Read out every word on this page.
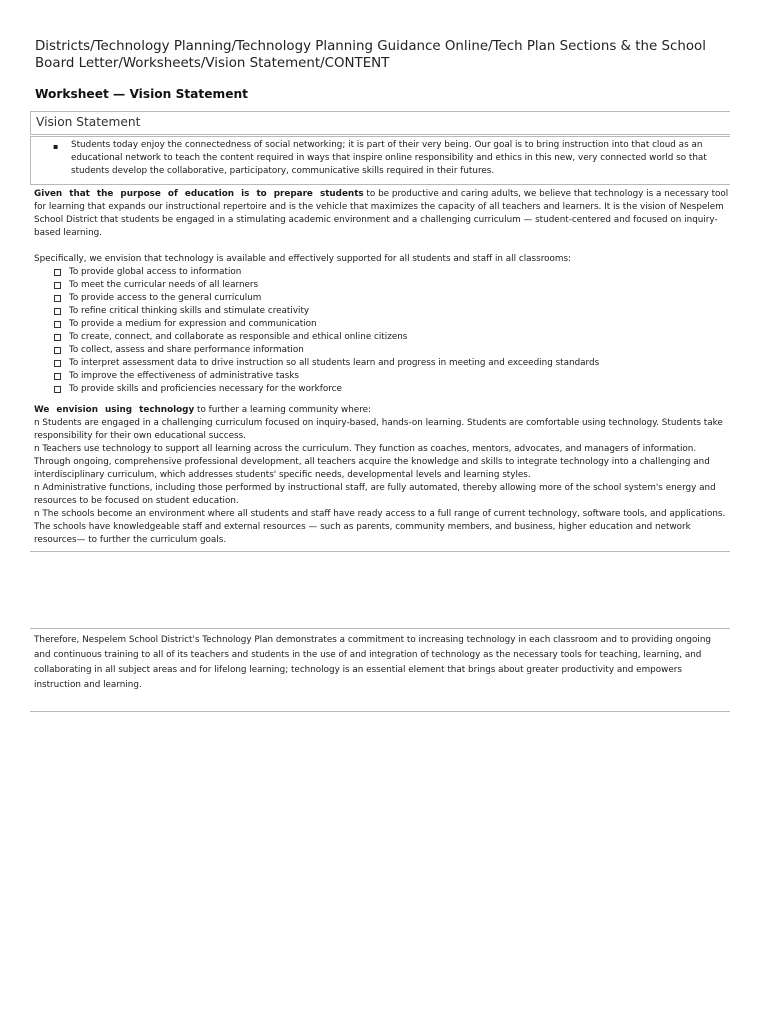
Districts/Technology Planning/Technology Planning Guidance Online/Tech Plan Sections & the School Board Letter/Worksheets/Vision Statement/CONTENT
Worksheet — Vision Statement
Vision Statement
▪ Students today enjoy the connectedness of social networking; it is part of their very being. Our goal is to bring instruction into that cloud as an educational network to teach the content required in ways that inspire online responsibility and ethics in this new, very connected world so that students develop the collaborative, participatory, communicative skills required in their futures.

Given that the purpose of education is to prepare students to be productive and caring adults, we believe that technology is a necessary tool for learning that expands our instructional repertoire and is the vehicle that maximizes the capacity of all teachers and learners. It is the vision of Nespelem School District that students be engaged in a stimulating academic environment and a challenging curriculum — student-centered and focused on inquiry-based learning.

Specifically, we envision that technology is available and effectively supported for all students and staff in all classrooms:

To provide global access to information
To meet the curricular needs of all learners
To provide access to the general curriculum
To refine critical thinking skills and stimulate creativity
To provide a medium for expression and communication
To create, connect, and collaborate as responsible and ethical online citizens
To collect, assess and share performance information
To interpret assessment data to drive instruction so all students learn and progress in meeting and exceeding standards
To improve the effectiveness of administrative tasks
To provide skills and proficiencies necessary for the workforce

We envision using technology to further a learning community where:

n Students are engaged in a challenging curriculum focused on inquiry-based, hands-on learning. Students are comfortable using technology. Students take responsibility for their own educational success.

n Teachers use technology to support all learning across the curriculum. They function as coaches, mentors, advocates, and managers of information. Through ongoing, comprehensive professional development, all teachers acquire the knowledge and skills to integrate technology into a challenging and interdisciplinary curriculum, which addresses students' specific needs, developmental levels and learning styles.

n Administrative functions, including those performed by instructional staff, are fully automated, thereby allowing more of the school system's energy and resources to be focused on student education.

n The schools become an environment where all students and staff have ready access to a full range of current technology, software tools, and applications. The schools have knowledgeable staff and external resources — such as parents, community members, and business, higher education and network resources— to further the curriculum goals.

Therefore, Nespelem School District's Technology Plan demonstrates a commitment to increasing technology in each classroom and to providing ongoing and continuous training to all of its teachers and students in the use of and integration of technology as the necessary tools for teaching, learning, and collaborating in all subject areas and for lifelong learning; technology is an essential element that brings about greater productivity and empowers instruction and learning.
